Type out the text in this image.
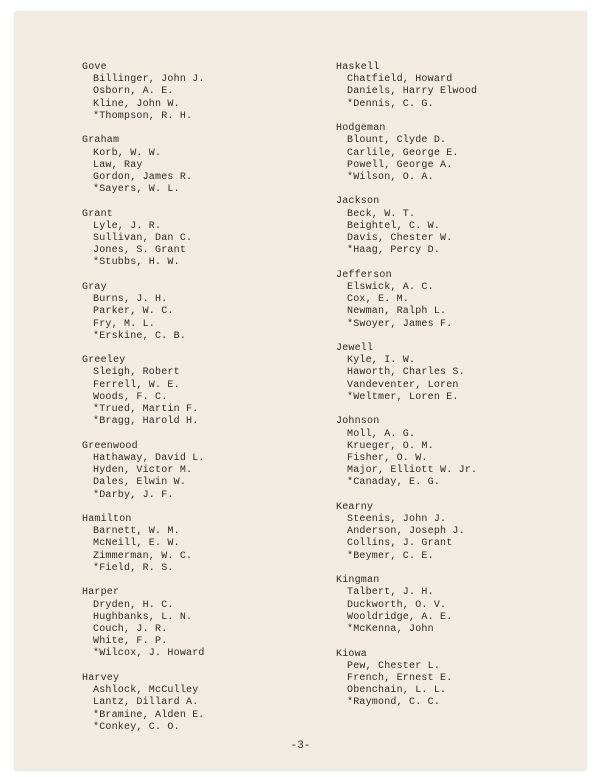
Gove
Billinger, John J.
Osborn, A. E.
Kline, John W.
*Thompson, R. H.
Graham
Korb, W. W.
Law, Ray
Gordon, James R.
*Sayers, W. L.
Grant
Lyle, J. R.
Sullivan, Dan C.
Jones, S. Grant
*Stubbs, H. W.
Gray
Burns, J. H.
Parker, W. C.
Fry, M. L.
*Erskine, C. B.
Greeley
Sleigh, Robert
Ferrell, W. E.
Woods, F. C.
*Trued, Martin F.
*Bragg, Harold H.
Greenwood
Hathaway, David L.
Hyden, Victor M.
Dales, Elwin W.
*Darby, J. F.
Hamilton
Barnett, W. M.
McNeill, E. W.
Zimmerman, W. C.
*Field, R. S.
Harper
Dryden, H. C.
Hughbanks, L. N.
Couch, J. R.
White, F. P.
*Wilcox, J. Howard
Harvey
Ashlock, McCulley
Lantz, Dillard A.
*Bramine, Alden E.
*Conkey, C. O.
Haskell
Chatfield, Howard
Daniels, Harry Elwood
*Dennis, C. G.
Hodgeman
Blount, Clyde D.
Carlile, George E.
Powell, George A.
*Wilson, O. A.
Jackson
Beck, W. T.
Beightel, C. W.
Davis, Chester W.
*Haag, Percy D.
Jefferson
Elswick, A. C.
Cox, E. M.
Newman, Ralph L.
*Swoyer, James F.
Jewell
Kyle, I. W.
Haworth, Charles S.
Vandeventer, Loren
*Weltmer, Loren E.
Johnson
Moll, A. G.
Krueger, O. M.
Fisher, O. W.
Major, Elliott W. Jr.
*Canaday, E. G.
Kearny
Steenis, John J.
Anderson, Joseph J.
Collins, J. Grant
*Beymer, C. E.
Kingman
Talbert, J. H.
Duckworth, O. V.
Wooldridge, A. E.
*McKenna, John
Kiowa
Pew, Chester L.
French, Ernest E.
Obenchain, L. L.
*Raymond, C. C.
-3-
